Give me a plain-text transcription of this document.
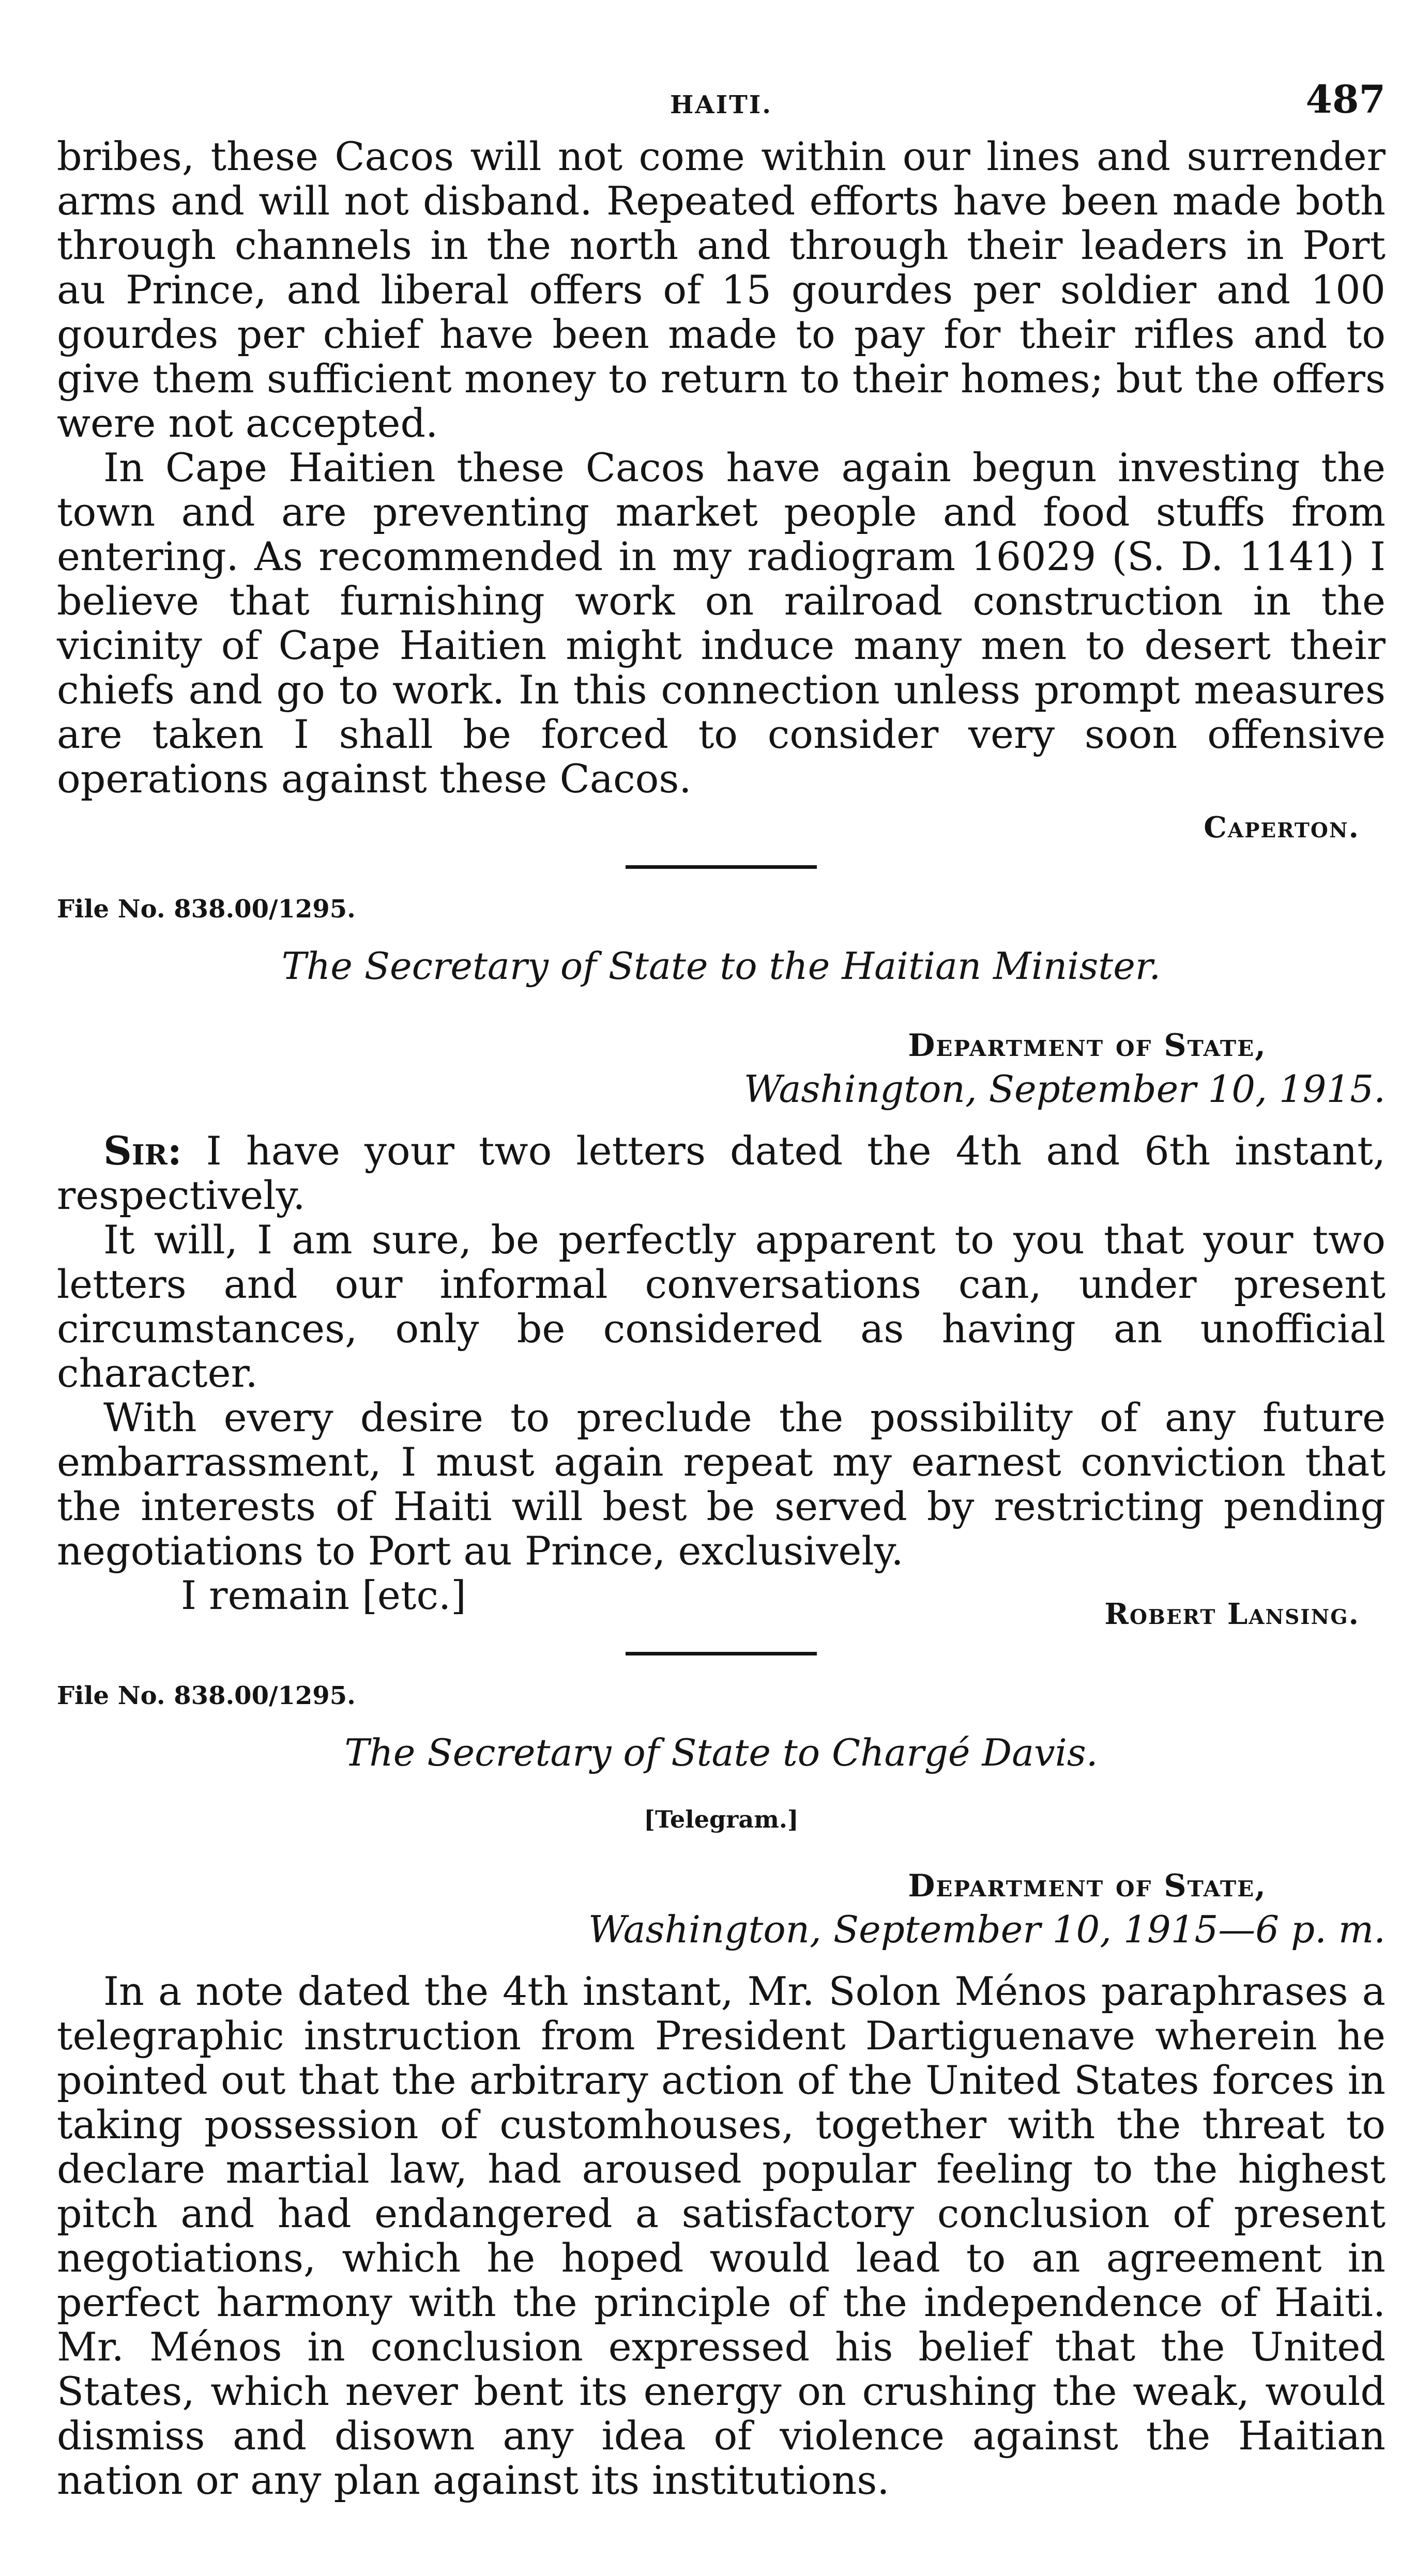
HAITI.	487

bribes, these Cacos will not come within our lines and surrender arms and will not disband. Repeated efforts have been made both through channels in the north and through their leaders in Port au Prince, and liberal offers of 15 gourdes per soldier and 100 gourdes per chief have been made to pay for their rifles and to give them sufficient money to return to their homes; but the offers were not accepted.

In Cape Haitien these Cacos have again begun investing the town and are preventing market people and food stuffs from entering. As recommended in my radiogram 16029 (S. D. 1141) I believe that furnishing work on railroad construction in the vicinity of Cape Haitien might induce many men to desert their chiefs and go to work. In this connection unless prompt measures are taken I shall be forced to consider very soon offensive operations against these Cacos.

Caperton.
File No. 838.00/1295.
The Secretary of State to the Haitian Minister.
Department of State,
Washington, September 10, 1915.

Sir: I have your two letters dated the 4th and 6th instant, respectively.

It will, I am sure, be perfectly apparent to you that your two letters and our informal conversations can, under present circumstances, only be considered as having an unofficial character.

With every desire to preclude the possibility of any future embarrassment, I must again repeat my earnest conviction that the interests of Haiti will best be served by restricting pending negotiations to Port au Prince, exclusively.

I remain [etc.]	Robert Lansing.
File No. 838.00/1295.
The Secretary of State to Chargé Davis.
[Telegram.]
Department of State,
Washington, September 10, 1915—6 p. m.

In a note dated the 4th instant, Mr. Solon Ménos paraphrases a telegraphic instruction from President Dartiguenave wherein he pointed out that the arbitrary action of the United States forces in taking possession of customhouses, together with the threat to declare martial law, had aroused popular feeling to the highest pitch and had endangered a satisfactory conclusion of present negotiations, which he hoped would lead to an agreement in perfect harmony with the principle of the independence of Haiti. Mr. Ménos in conclusion expressed his belief that the United States, which never bent its energy on crushing the weak, would dismiss and disown any idea of violence against the Haitian nation or any plan against its institutions.
